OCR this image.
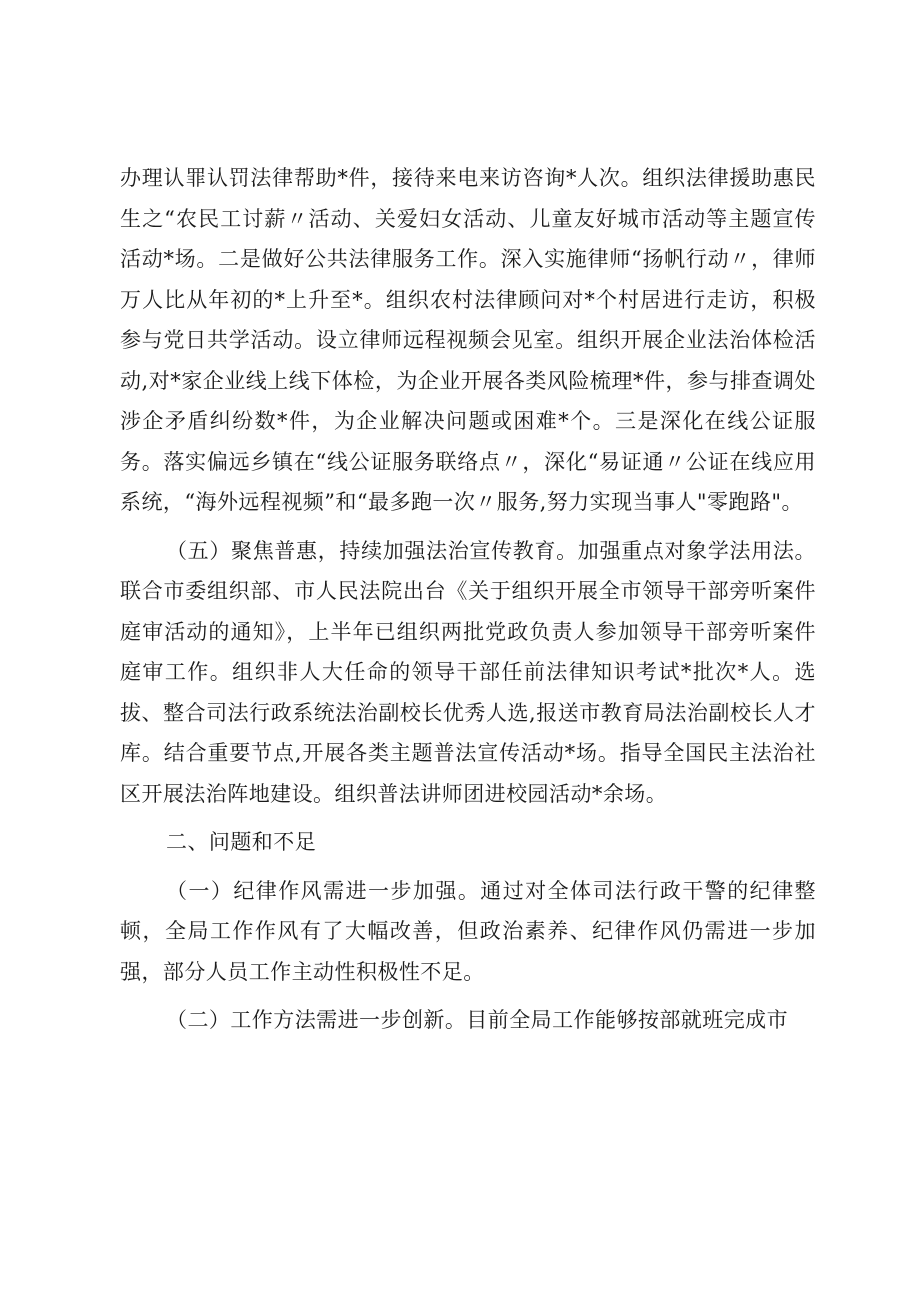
办理认罪认罚法律帮助*件，接待来电来访咨询*人次。组织法律援助惠民生之“农民工讨薪〃活动、关爱妇女活动、儿童友好城市活动等主题宣传活动*场。二是做好公共法律服务工作。深入实施律师“扬帆行动〃，律师万人比从年初的*上升至*。组织农村法律顾问对*个村居进行走访，积极参与党日共学活动。设立律师远程视频会见室。组织开展企业法治体检活动,对*家企业线上线下体检，为企业开展各类风险梳理*件，参与排查调处涉企矛盾纠纷数*件，为企业解决问题或困难*个。三是深化在线公证服务。落实偏远乡镇在“线公证服务联络点〃，深化“易证通〃公证在线应用系统，“海外远程视频”和“最多跑一次〃服务,努力实现当事人"零跑路"。

（五）聚焦普惠，持续加强法治宣传教育。加强重点对象学法用法。联合市委组织部、市人民法院出台《关于组织开展全市领导干部旁听案件庭审活动的通知》，上半年已组织两批党政负责人参加领导干部旁听案件庭审工作。组织非人大任命的领导干部任前法律知识考试*批次*人。选拔、整合司法行政系统法治副校长优秀人选,报送市教育局法治副校长人才库。结合重要节点,开展各类主题普法宣传活动*场。指导全国民主法治社区开展法治阵地建设。组织普法讲师团进校园活动*余场。

二、问题和不足

（一）纪律作风需进一步加强。通过对全体司法行政干警的纪律整顿，全局工作作风有了大幅改善，但政治素养、纪律作风仍需进一步加强，部分人员工作主动性积极性不足。

（二）工作方法需进一步创新。目前全局工作能够按部就班完成市
